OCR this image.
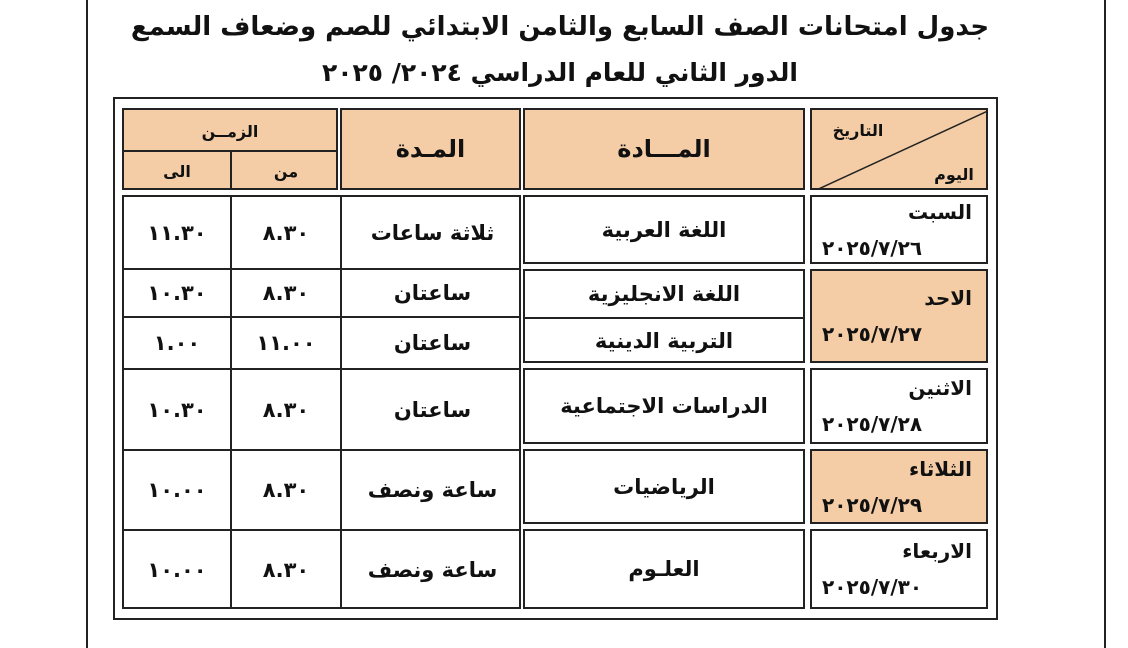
جدول امتحانات الصف السابع والثامن الابتدائي للصم وضعاف السمع
الدور الثاني للعام الدراسي ٢٠٢٤/ ٢٠٢٥
التاريخ
اليوم
المـــادة
المـدة
الزمــن
الى	من
السبت
٢٠٢٥/٧/٢٦
الاحد
٢٠٢٥/٧/٢٧
الاثنين
٢٠٢٥/٧/٢٨
الثلاثاء
٢٠٢٥/٧/٢٩
الاربعاء
٢٠٢٥/٧/٣٠
اللغة العربية
اللغة الانجليزية
التربية الدينية
الدراسات الاجتماعية
الرياضيات
العلـوم
ثلاثة ساعات
٨.٣٠
١١.٣٠
ساعتان
٨.٣٠
١٠.٣٠
ساعتان
١١.٠٠
١.٠٠
ساعتان
٨.٣٠
١٠.٣٠
ساعة ونصف
٨.٣٠
١٠.٠٠
ساعة ونصف
٨.٣٠
١٠.٠٠
